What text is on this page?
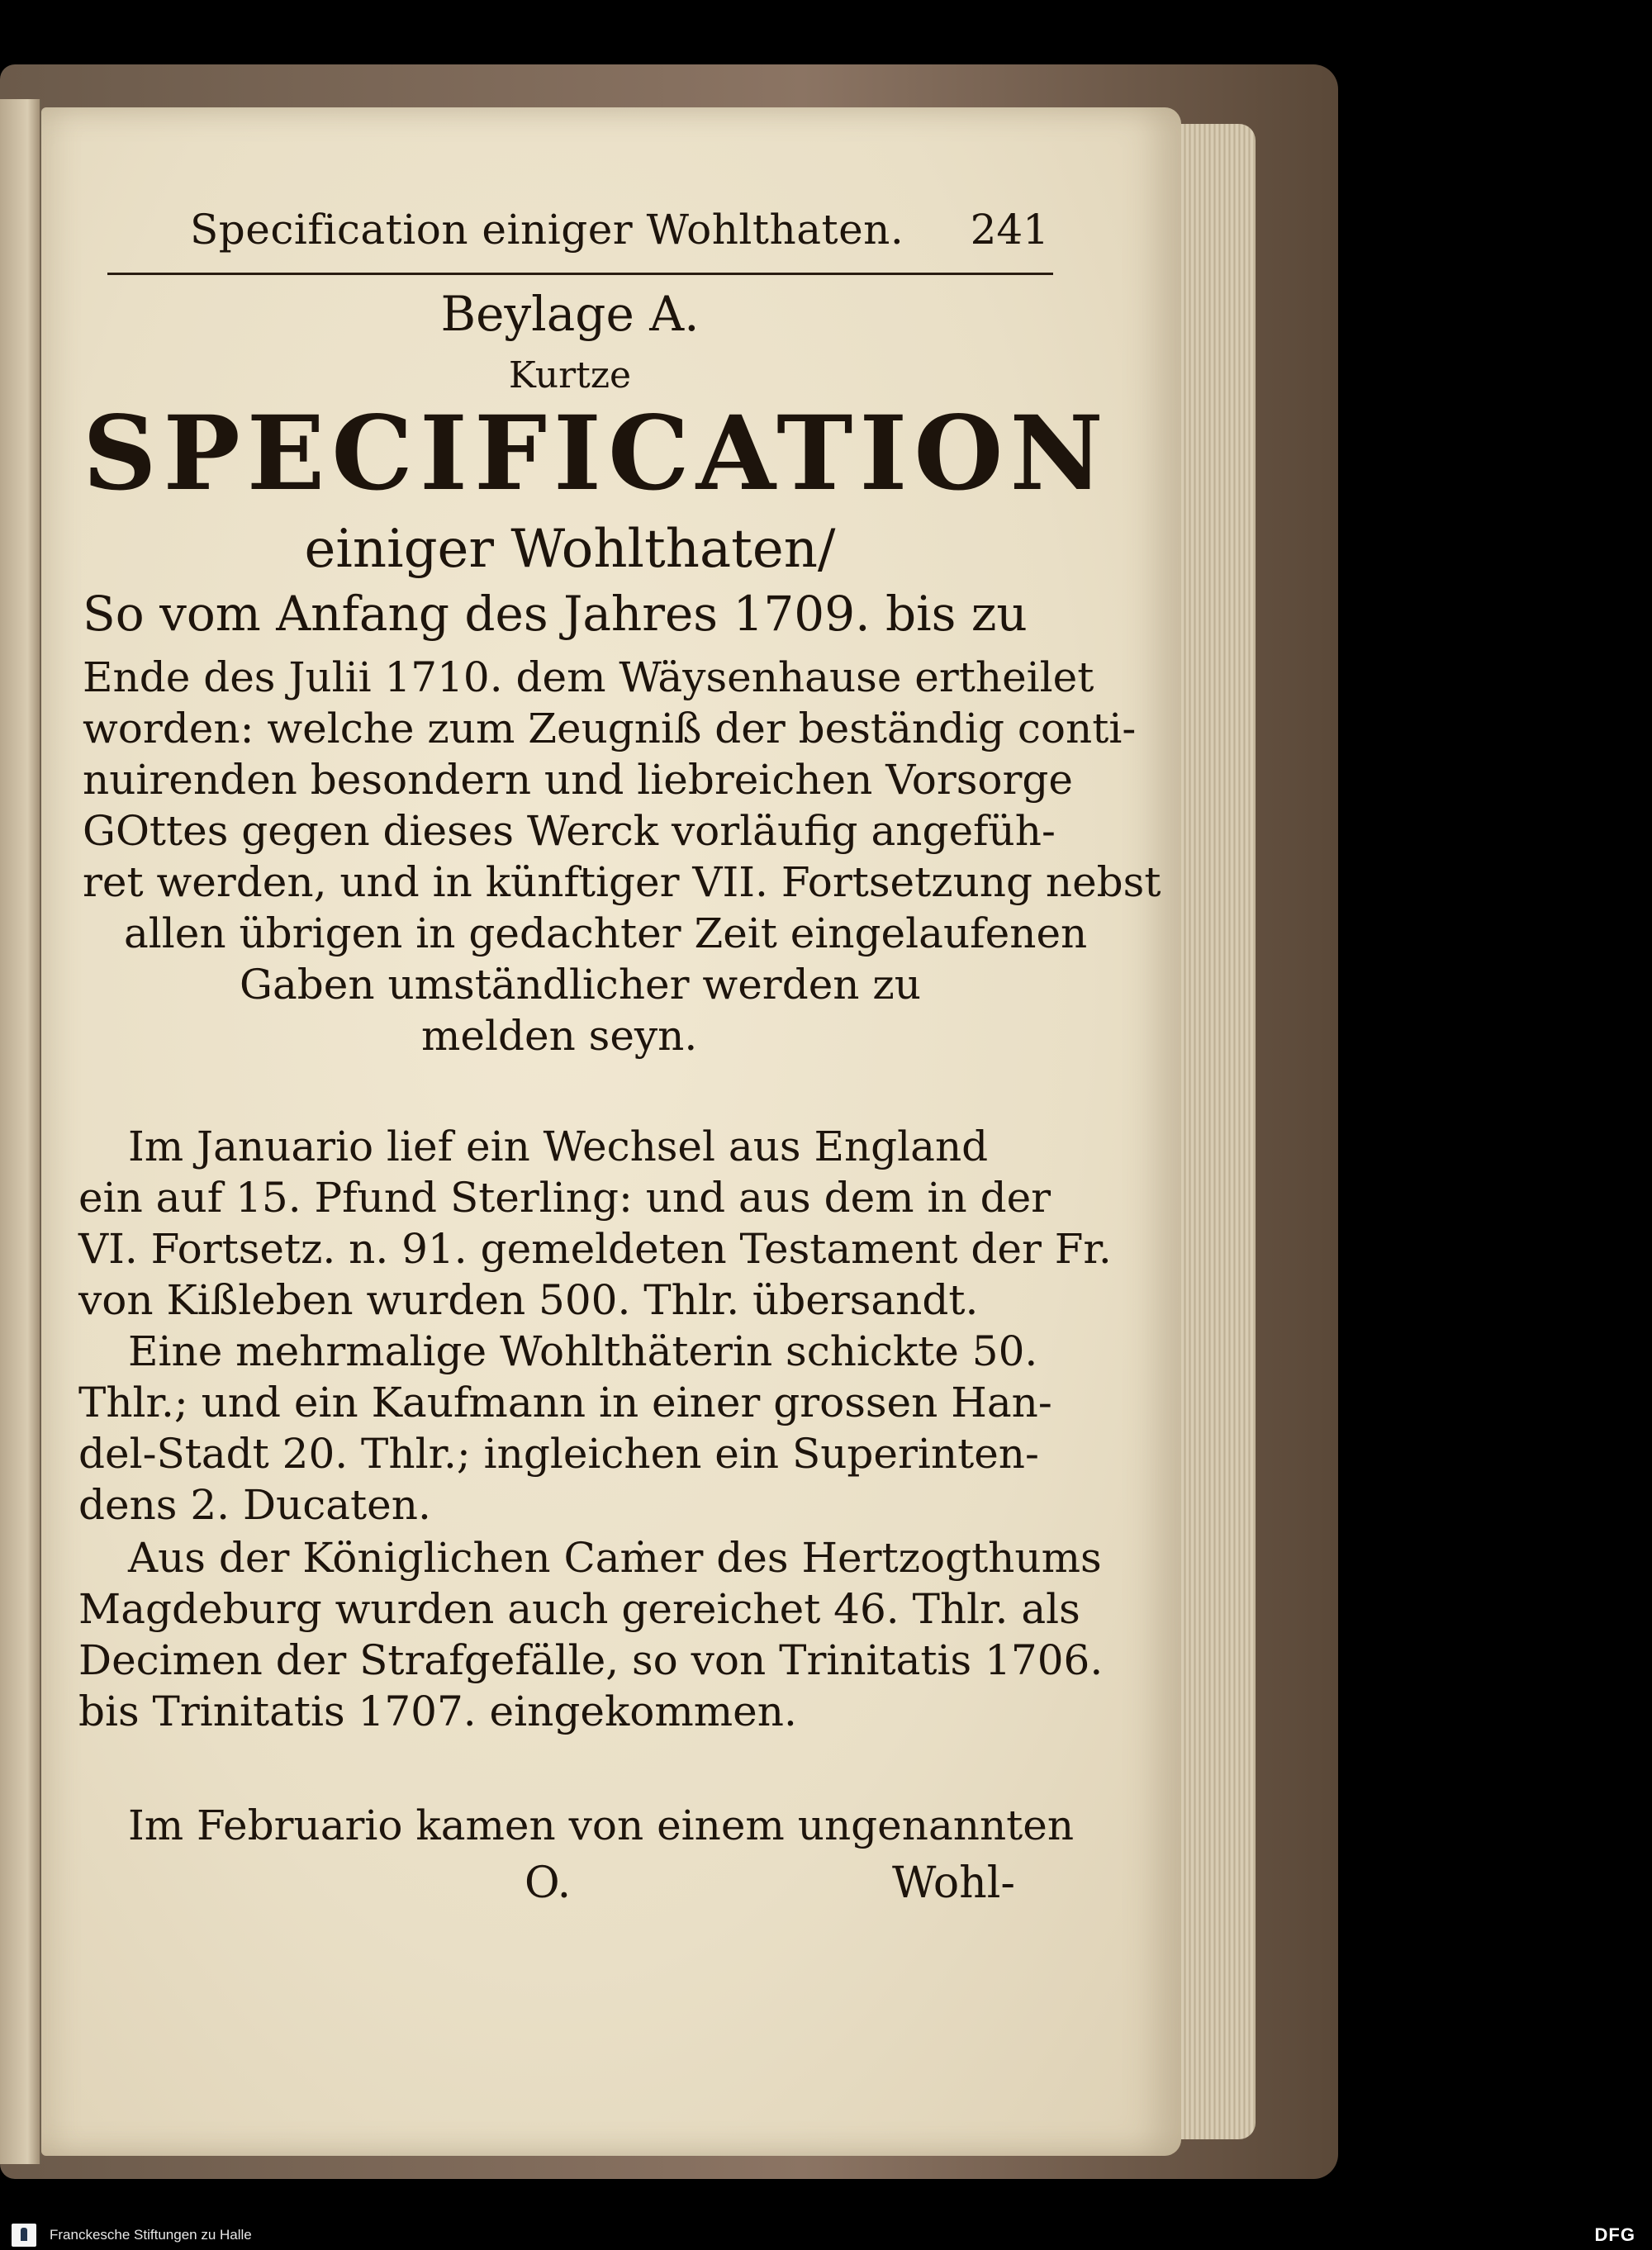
Specification einiger Wohlthaten. 241
Beylage A.
Kurtze
SPECIFICATION
einiger Wohlthaten/
So vom Anfang des Jahres 1709. bis zu
Ende des Julii 1710. dem Wäysenhause ertheilet
worden: welche zum Zeugniß der beständig conti-
nuirenden besondern und liebreichen Vorsorge
GOttes gegen dieses Werck vorläufig angefüh-
ret werden, und in künftiger VII. Fortsetzung nebst
allen übrigen in gedachter Zeit eingelaufenen
Gaben umständlicher werden zu
melden seyn.
Im Januario lief ein Wechsel aus England
ein auf 15. Pfund Sterling: und aus dem in der
VI. Fortsetz. n. 91. gemeldeten Testament der Fr.
von Kißleben wurden 500. Thlr. übersandt.
Eine mehrmalige Wohlthäterin schickte 50.
Thlr.; und ein Kaufmann in einer grossen Han-
del-Stadt 20. Thlr.; ingleichen ein Superinten-
dens 2. Ducaten.
Aus der Königlichen Caṁer des Hertzogthums
Magdeburg wurden auch gereichet 46. Thlr. als
Decimen der Strafgefälle, so von Trinitatis 1706.
bis Trinitatis 1707. eingekommen.
Im Februario kamen von einem ungenannten
O.	Wohl-
Franckesche Stiftungen zu Halle	DFG
